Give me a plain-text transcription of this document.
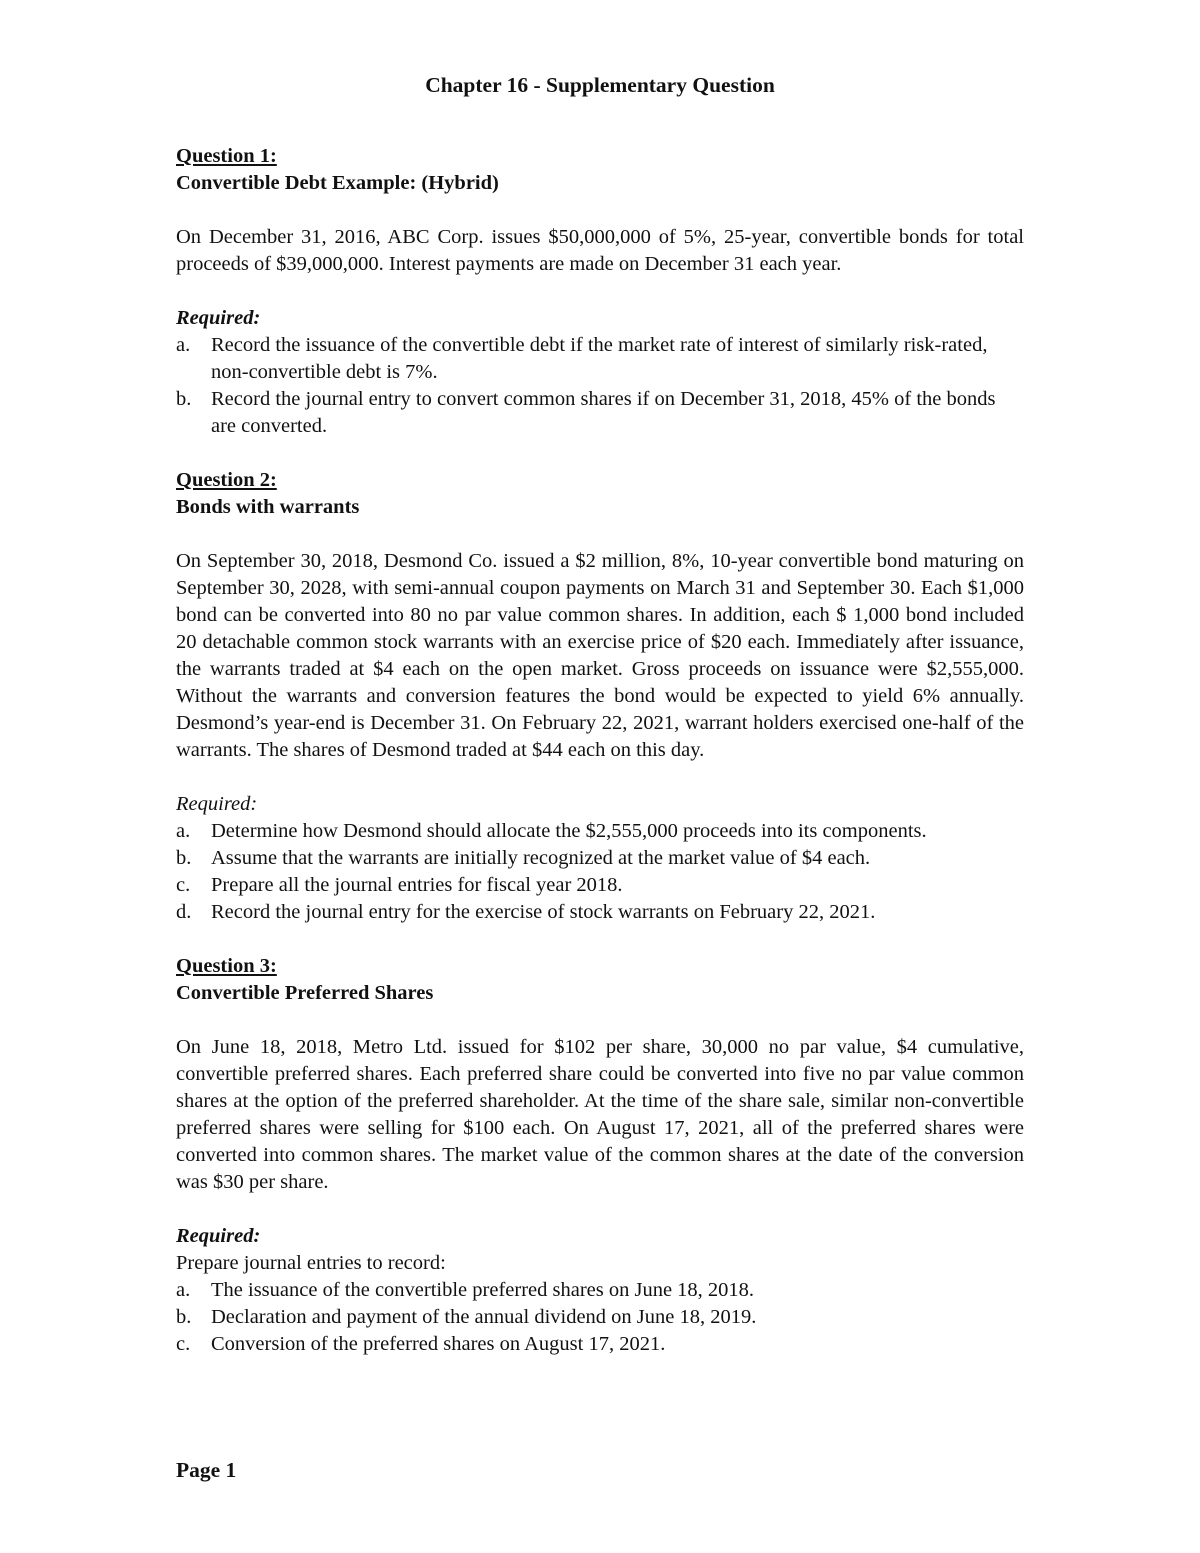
Chapter 16 - Supplementary Question

Question 1:

Convertible Debt Example: (Hybrid)

On December 31, 2016, ABC Corp. issues $50,000,000 of 5%, 25-year, convertible bonds for total proceeds of $39,000,000. Interest payments are made on December 31 each year.

Required:

a.	Record the issuance of the convertible debt if the market rate of interest of similarly risk-rated, non-convertible debt is 7%.
b. Record the journal entry to convert common shares if on December 31, 2018, 45% of the bonds are converted.

Question 2:

Bonds with warrants

On September 30, 2018, Desmond Co. issued a $2 million, 8%, 10-year convertible bond maturing on September 30, 2028, with semi-annual coupon payments on March 31 and September 30. Each $1,000 bond can be converted into 80 no par value common shares. In addition, each $ 1,000 bond included 20 detachable common stock warrants with an exercise price of $20 each. Immediately after issuance, the warrants traded at $4 each on the open market. Gross proceeds on issuance were $2,555,000. Without the warrants and conversion features the bond would be expected to yield 6% annually. Desmond’s year-end is December 31. On February 22, 2021, warrant holders exercised one-half of the warrants. The shares of Desmond traded at $44 each on this day.

Required:

a.	Determine how Desmond should allocate the $2,555,000 proceeds into its components.
b. Assume that the warrants are initially recognized at the market value of $4 each.
c.	Prepare all the journal entries for fiscal year 2018.
d. Record the journal entry for the exercise of stock warrants on February 22, 2021.

Question 3:

Convertible Preferred Shares

On June 18, 2018, Metro Ltd. issued for $102 per share, 30,000 no par value, $4 cumulative, convertible preferred shares. Each preferred share could be converted into five no par value common shares at the option of the preferred shareholder. At the time of the share sale, similar non-convertible preferred shares were selling for $100 each. On August 17, 2021, all of the preferred shares were converted into common shares. The market value of the common shares at the date of the conversion was $30 per share.

Required:

Prepare journal entries to record:

a.	The issuance of the convertible preferred shares on June 18, 2018.
b. Declaration and payment of the annual dividend on June 18, 2019.
c.	Conversion of the preferred shares on August 17, 2021.
Page 1
